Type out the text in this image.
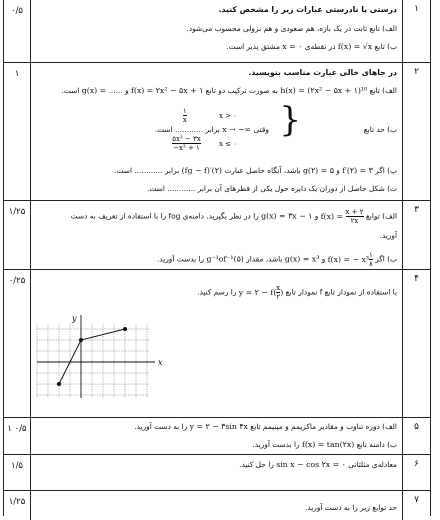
۱
۰/۵	درستی یا نادرستی عبارات زیر را مشخص کنید.
الف) تابع ثابت در یک بازه، هم صعودی و هم نزولی محسوب می‌شود.
ب) تابع f(x) = √x در نقطه‌ی x = ۰ مشتق پذیر است.
۲
۱	در جاهای خالی عبارت مناسب بنویسید.
الف) تابع h(x) = (۲x² − ۵x + ۱)¹⁰ به صورت ترکیب دو تابع f(x) = ۲x² − ۵x + ۱ و ...... g(x) = است.
{
$\frac{۱}{x}$	x > ۰
$\frac{\text{۵x³ − ۳x}}{\text{−x³ + ۱}}$	x ≤ ۰
ب) حد تابع  وقتی x → −∞ برابر ............ است.
پ) اگر f′(۲) = ۳ و g(۲) = ۵ باشد، آنگاه حاصل عبارت (fg − f)′(۲) برابر ............ است.
ت) شکل حاصل از دوران یک دایره حول یکی از قطرهای آن برابر ............ است.
۳
۱/۲۵	الف) توابع $f(x) = \frac{x + ۲}{۲x}$
و g(x) = ۳x − ۱ را در نظر بگیرید. دامنه‌ی fog را با استفاده از تعریف به دست
آورید.
ب) اگر f(x) = − $x^3 \frac{۱}{۸}$
و g(x) = x³ باشد، مقدار g⁻¹of⁻¹(۵) را بدست آورید.
۴
۰/۲۵
با استفاده از نمودار تابع f نمودار تابع y = ۲ − $f( \frac{x}{۲}$ ) را رسم کنید.
x
y
۵
۱ ۰/۵	الف) دوره تناوب و مقادیر ماکزیمم و مینیمم تابع y = ۲ − ۳sin ۴x را به دست آورید.
ب) دامنه تابع f(x) = tan(۲x) را بدست آورید.
۶
۱/۵	معادله‌ی مثلثاتی sin x − cos ۲x = ۰ را حل کنید.
۷
۱/۲۵
حد توابع زیر را به دست آورید.
